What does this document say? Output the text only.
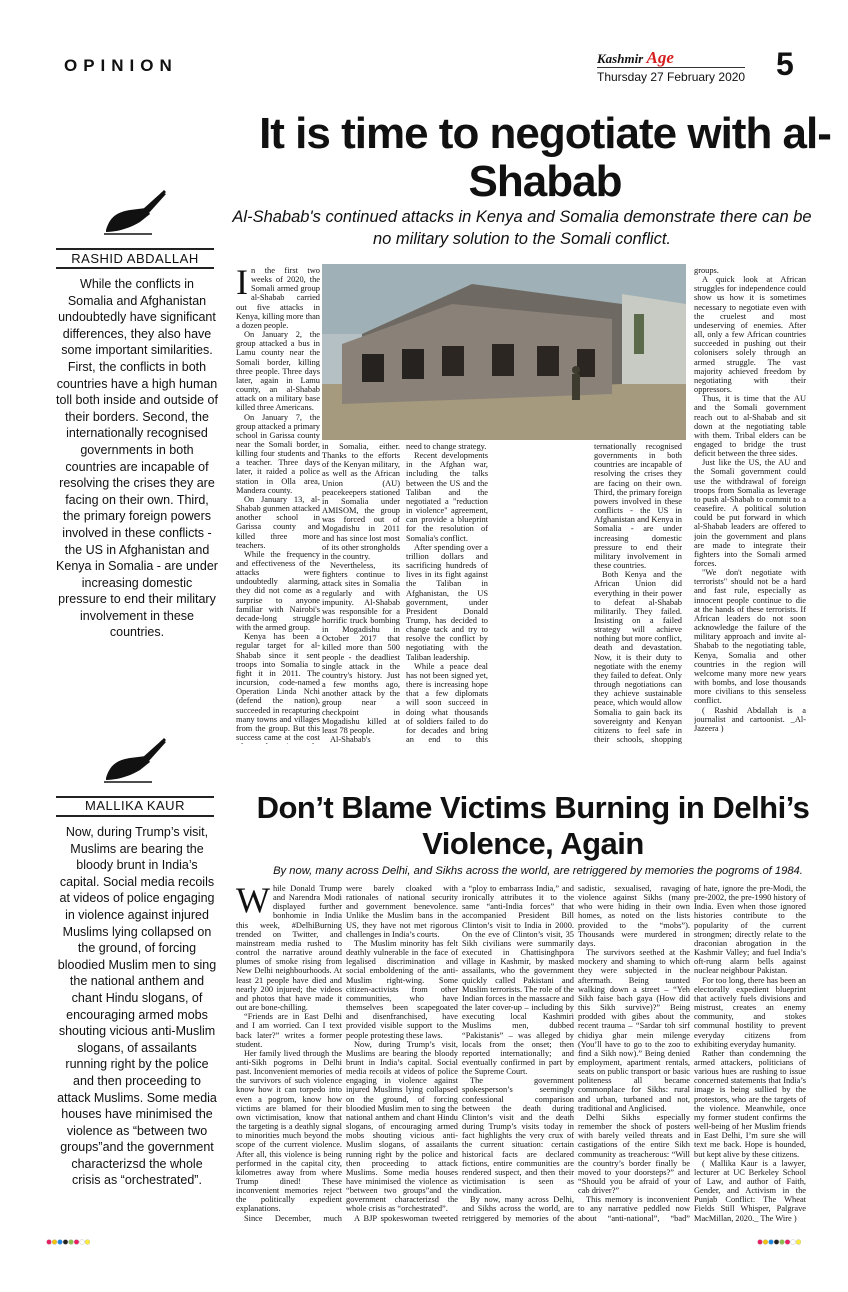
OPINION	Kashmir Age
Thursday 27 February 2020 5
It is time to negotiate with al-Shabab
Al-Shabab's continued attacks in Kenya and Somalia demonstrate there can be no military solution to the Somali conflict.
RASHID ABDALLAH
While the conflicts in Somalia and Afghanistan undoubtedly have significant differences, they also have some important similarities. First, the conflicts in both countries have a high human toll both inside and outside of their borders. Second, the internationally recognised governments in both countries are incapable of resolving the crises they are facing on their own. Third, the primary foreign powers involved in these conflicts - the US in Afghanistan and Kenya in Somalia - are under increasing domestic pressure to end their military involvement in these countries.

In the first two weeks of 2020, the Somali armed group al-Shabab carried out five attacks in Kenya, killing more than a dozen people.

On January 2, the group attacked a bus in Lamu county near the Somali border, killing three people. Three days later, again in Lamu county, an al-Shabab attack on a military base killed three Americans.

On January 7, the group attacked a primary school in Garissa county near the Somali border, killing four students and a teacher. Three days later, it raided a police station in Olla area, Mandera county.

On January 13, al-Shabab gunmen attacked another school in Garissa county and killed three more teachers.

While the frequency and effectiveness of the attacks were undoubtedly alarming, they did not come as a surprise to anyone familiar with Nairobi's decade-long struggle with the armed group.

Kenya has been a regular target for al-Shabab since it sent troops into Somalia to fight it in 2011. The incursion, code-named Operation Linda Nchi (defend the nation), succeeded in recapturing many towns and villages from the group. But this success came at the cost

in Somalia, either. Thanks to the efforts of the Kenyan military, as well as the African Union (AU) peacekeepers stationed in Somalia under AMISOM, the group was forced out of Mogadishu in 2011 and has since lost most of its other strongholds in the country.

Nevertheless, its fighters continue to attack sites in Somalia regularly and with impunity. Al-Shabab was responsible for a horrific truck bombing in Mogadishu in October 2017 that killed more than 500 people - the deadliest single attack in the country's history. Just a few months ago, another attack by the group near a checkpoint in Mogadishu killed at least 78 people.

Al-Shabab's

need to change strategy.

Recent developments in the Afghan war, including the talks between the US and the Taliban and the negotiated a "reduction in violence" agreement, can provide a blueprint for the resolution of Somalia's conflict.

After spending over a trillion dollars and sacrificing hundreds of lives in its fight against the Taliban in Afghanistan, the US government, under President Donald Trump, has decided to change tack and try to resolve the conflict by negotiating with the Taliban leadership.

While a peace deal has not been signed yet, there is increasing hope that a few diplomats will soon succeed in doing what thousands of soldiers failed to do for decades and bring an end to this

ternationally recognised governments in both countries are incapable of resolving the crises they are facing on their own. Third, the primary foreign powers involved in these conflicts - the US in Afghanistan and Kenya in Somalia - are under increasing domestic pressure to end their military involvement in these countries.

Both Kenya and the African Union did everything in their power to defeat al-Shabab militarily. They failed. Insisting on a failed strategy will achieve nothing but more conflict, death and devastation. Now, it is their duty to negotiate with the enemy they failed to defeat. Only through negotiations can they achieve sustainable peace, which would allow Somalia to gain back its sovereignty and Kenyan citizens to feel safe in their schools, shopping

groups.

A quick look at African struggles for independence could show us how it is sometimes necessary to negotiate even with the cruelest and most undeserving of enemies. After all, only a few African countries succeeded in pushing out their colonisers solely through an armed struggle. The vast majority achieved freedom by negotiating with their oppressors.

Thus, it is time that the AU and the Somali government reach out to al-Shabab and sit down at the negotiating table with them. Tribal elders can be engaged to bridge the trust deficit between the three sides.

Just like the US, the AU and the Somali government could use the withdrawal of foreign troops from Somalia as leverage to push al-Shabab to commit to a ceasefire. A political solution could be put forward in which al-Shabab leaders are offered to join the government and plans are made to integrate their fighters into the Somali armed forces.

"We don't negotiate with terrorists" should not be a hard and fast rule, especially as innocent people continue to die at the hands of these terrorists. If African leaders do not soon acknowledge the failure of the military approach and invite al-Shabab to the negotiating table, Kenya, Somalia and other countries in the region will welcome many more new years with bombs, and lose thousands more civilians to this senseless conflict.

( Rashid Abdallah is a journalist and cartoonist. _Al-Jazeera )

MALLIKA KAUR
Now, during Trump’s visit, Muslims are bearing the bloody brunt in India’s capital. Social media recoils at videos of police engaging in violence against injured Muslims lying collapsed on the ground, of forcing bloodied Muslim men to sing the national anthem and chant Hindu slogans, of encouraging armed mobs shouting vicious anti-Muslim slogans, of assailants running right by the police and then proceeding to attack Muslims. Some media houses have minimised the violence as “between two groups”and the government characterizsd the whole crisis as “orchestrated”.
Don’t Blame Victims Burning in Delhi’s Violence, Again
By now, many across Delhi, and Sikhs across the world, are retriggered by memories the pogroms of 1984.

While Donald Trump and Narendra Modi displayed further bonhomie in India this week, #DelhiBurning trended on Twitter, and mainstream media rushed to control the narrative around plumes of smoke rising from New Delhi neighbourhoods. At least 21 people have died and nearly 200 injured; the videos and photos that have made it out are bone-chilling.

“Friends are in East Delhi and I am worried. Can I text back later?” writes a former student.

Her family lived through the anti-Sikh pogroms in Delhi past. Inconvenient memories of the survivors of such violence know how it can torpedo into even a pogrom, know how victims are blamed for their own victimisation, know that the targeting is a deathly signal to minorities much beyond the scope of the current violence. After all, this violence is being performed in the capital city, kilometres away from where Trump dined! These inconvenient memories reject the politically expedient explanations.

Since December, much

were barely cloaked with rationales of national security and government benevolence. Unlike the Muslim bans in the US, they have not met rigorous challenges in India’s courts.

The Muslim minority has felt deathly vulnerable in the face of legalised discrimination and social emboldening of the anti-Muslim right-wing. Some citizen-activists from other communities, who have themselves been scapegoated and disenfranchised, have provided visible support to the people protesting these laws.

Now, during Trump’s visit, Muslims are bearing the bloody brunt in India’s capital. Social media recoils at videos of police engaging in violence against injured Muslims lying collapsed on the ground, of forcing bloodied Muslim men to sing the national anthem and chant Hindu slogans, of encouraging armed mobs shouting vicious anti-Muslim slogans, of assailants running right by the police and then proceeding to attack Muslims. Some media houses have minimised the violence as “between two groups”and the government characterizsd the whole crisis as “orchestrated”.

A BJP spokeswoman tweeted

a “ploy to embarrass India,” and ironically attributes it to the same “anti-India forces” that accompanied President Bill Clinton’s visit to India in 2000. On the eve of Clinton’s visit, 35 Sikh civilians were summarily executed in Chattisinghpora village in Kashmir, by masked assailants, who the government quickly called Pakistani and Muslim terrorists. The role of the Indian forces in the massacre and the later cover-up – including by executing local Kashmiri Muslims men, dubbed “Pakistanis” – was alleged by locals from the onset; then reported internationally; and eventually confirmed in part by the Supreme Court.

The government spokesperson’s seemingly confessional comparison between the death during Clinton’s visit and the death during Trump’s visits today in fact highlights the very crux of the current situation: certain historical facts are declared fictions, entire communities are rendered suspect, and then their victimisation is seen as vindication.

By now, many across Delhi, and Sikhs across the world, are retriggered by memories of the

sadistic, sexualised, ravaging violence against Sikhs (many who were hiding in their own homes, as noted on the lists provided to the “mobs”). Thousands were murdered in days.

The survivors seethed at the mockery and shaming to which they were subjected in the aftermath. Being taunted walking down a street – “Yeh Sikh faise bach gaya (How did this Sikh survive)?” Being prodded with gibes about the recent trauma – “Sardar toh sirf chidiya ghar mein milenge (You’ll have to go to the zoo to find a Sikh now).” Being denied employment, apartment rentals, seats on public transport or basic politeness all became commonplace for Sikhs: rural and urban, turbaned and not, traditional and Anglicised.

Delhi Sikhs especially remember the shock of posters with barely veiled threats and castigations of the entire Sikh community as treacherous: “Will the country’s border finally be moved to your doorsteps?” and “Should you be afraid of your cab driver?”

This memory is inconvenient to any narrative peddled now about “anti-national”, “bad”

of hate, ignore the pre-Modi, the pre-2002, the pre-1990 history of India. Even when those ignored histories contribute to the popularity of the current strongmen; directly relate to the draconian abrogation in the Kashmir Valley; and fuel India’s oft-rung alarm bells against nuclear neighbour Pakistan.

For too long, there has been an electorally expedient blueprint that actively fuels divisions and mistrust, creates an enemy community, and stokes communal hostility to prevent everyday citizens from exhibiting everyday humanity.

Rather than condemning the armed attackers, politicians of various hues are rushing to issue concerned statements that India’s image is being sullied by the protestors, who are the targets of the violence. Meanwhile, once my former student confirms the well-being of her Muslim friends in East Delhi, I’m sure she will text me back. Hope is hounded, but kept alive by these citizens.

( Mallika Kaur is a lawyer, lecturer at UC Berkeley School of Law, and author of Faith, Gender, and Activism in the Punjab Conflict: The Wheat Fields Still Whisper, Palgrave MacMillan, 2020._ The Wire )
